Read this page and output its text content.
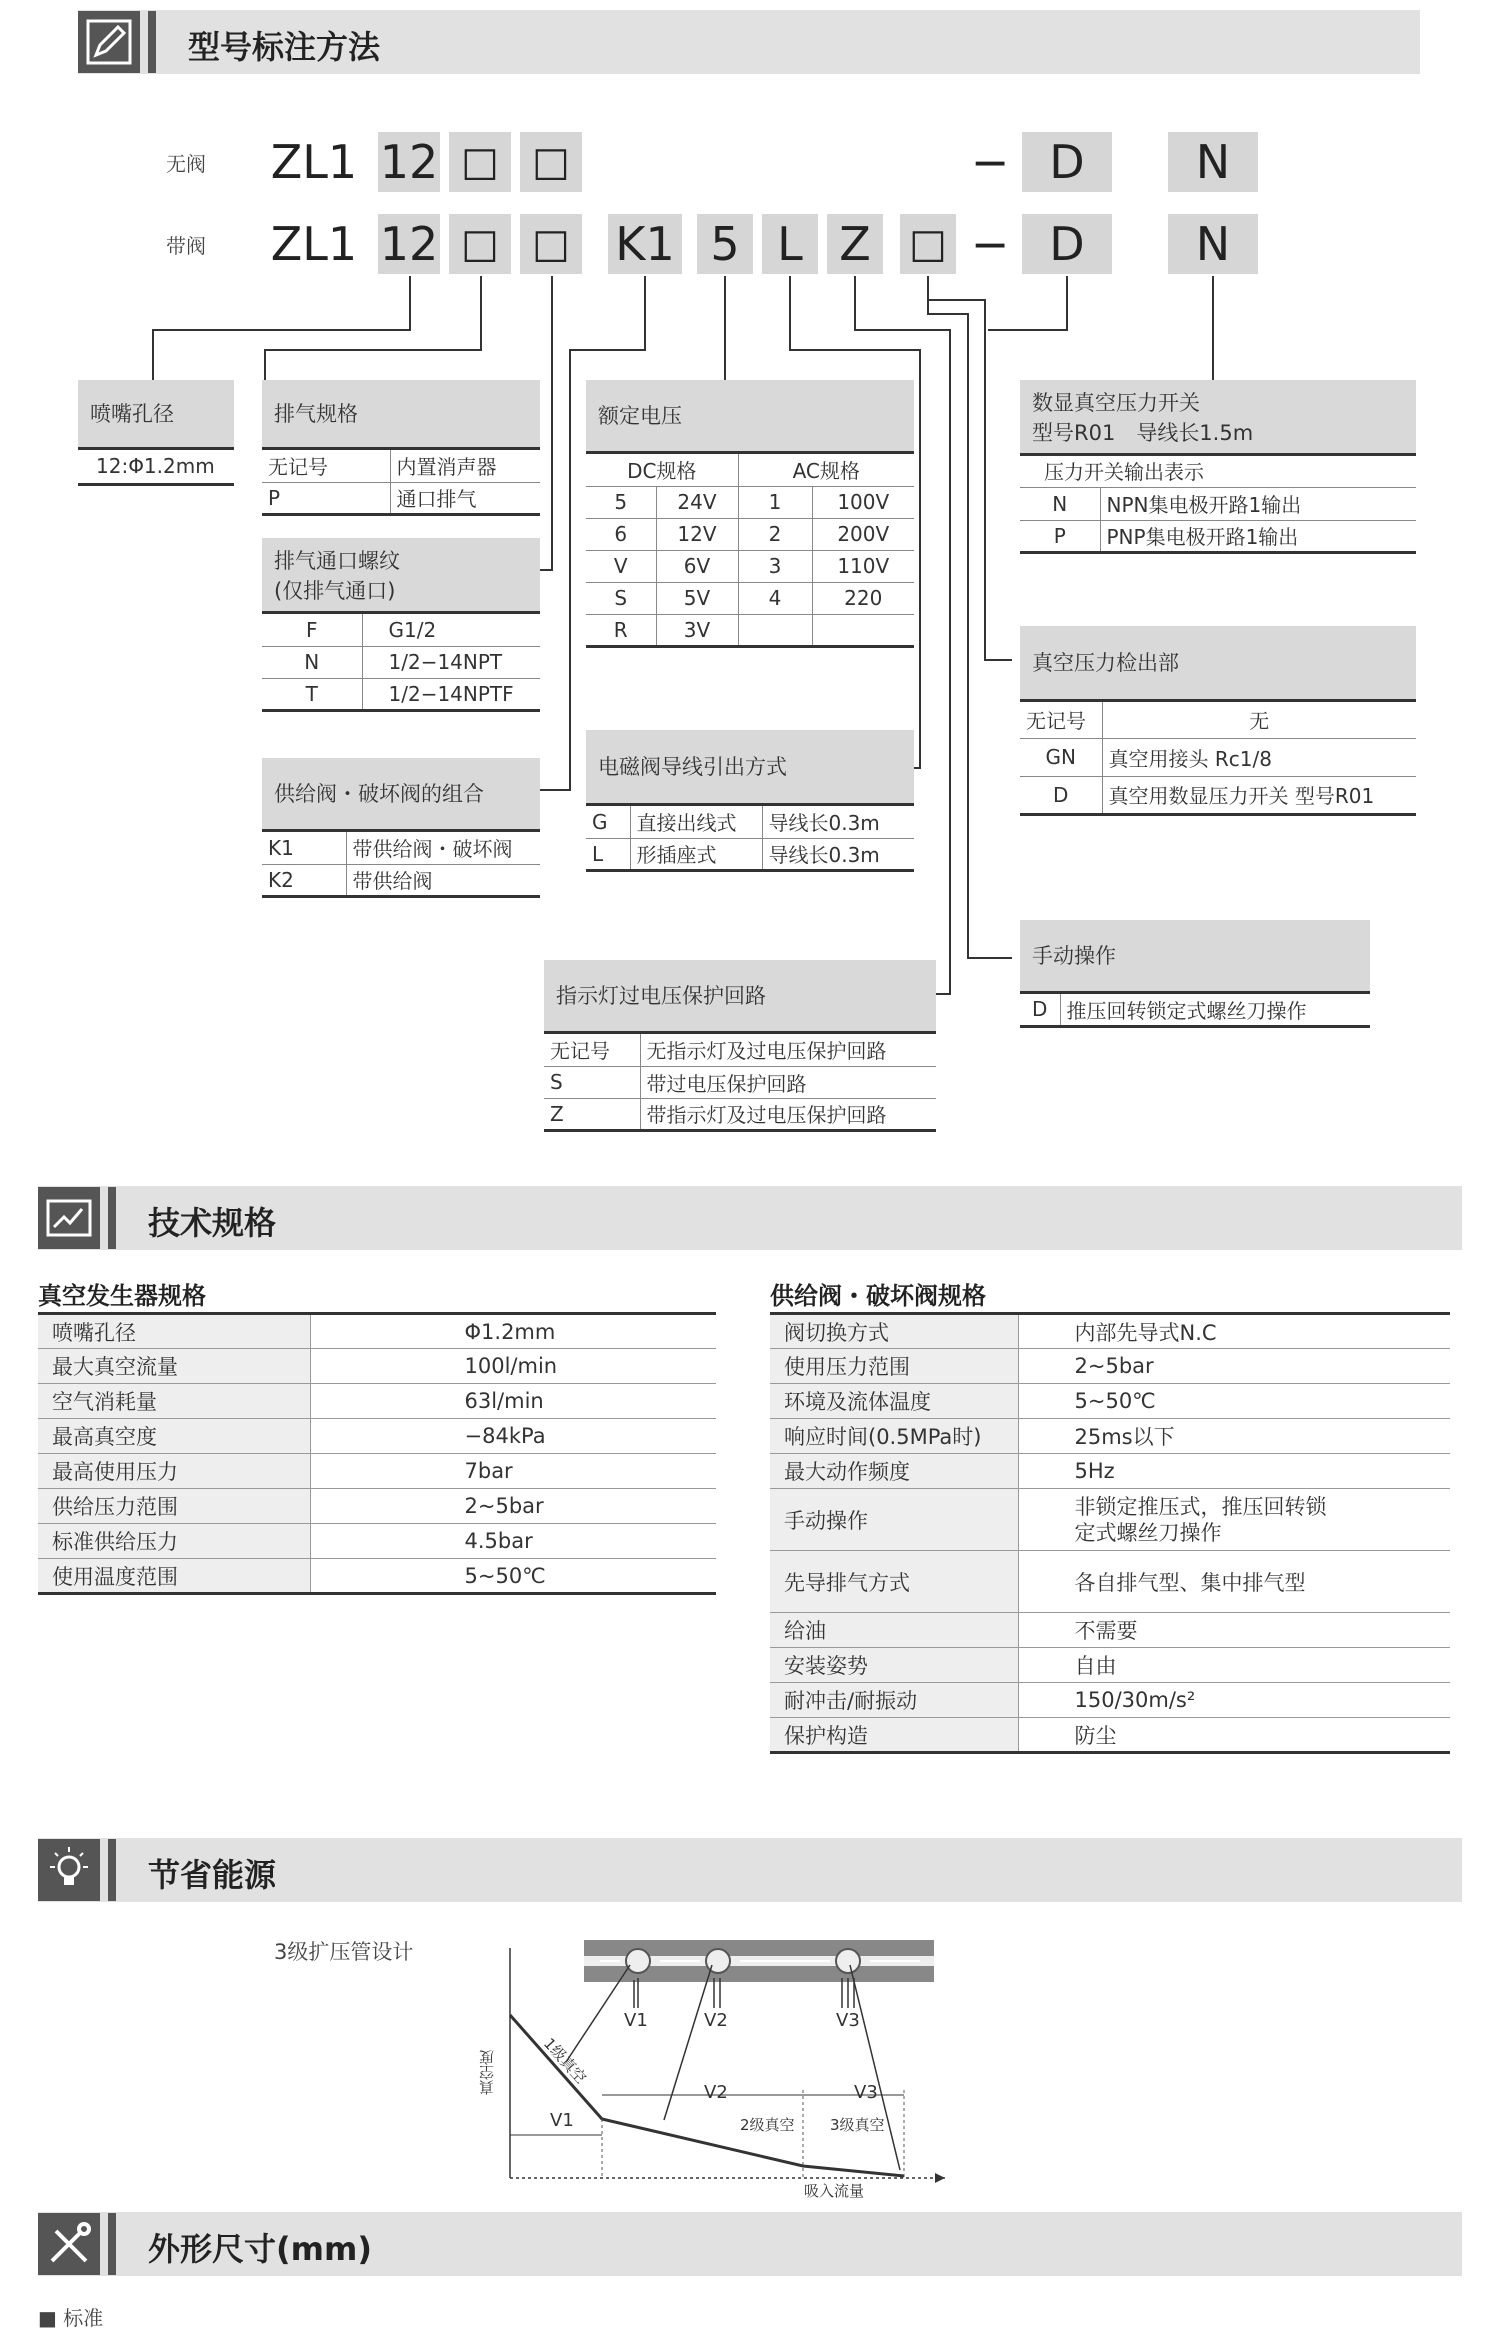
型号标注方法
无阀
带阀
ZL1 12 □ □	− D	N
ZL1 12 □ □ K1 5 L Z □ − D	N
喷嘴孔径
12:Φ1.2mm
排气规格
无记号	内置消声器
P	通口排气
排气通口螺纹
(仅排气通口)
F	G1/2
N	1/2−14NPT
T	1/2−14NPTF
供给阀・破坏阀的组合
K1	带供给阀・破坏阀
K2	带供给阀
额定电压
DC规格		AC规格	
5	24V	1	100V
6	12V	2	200V
V	6V	3	110V
S	5V	4	220
R	3V		
电磁阀导线引出方式
G	直接出线式	导线长0.3m
L	形插座式	导线长0.3m
指示灯过电压保护回路
无记号	无指示灯及过电压保护回路
S	带过电压保护回路
Z	带指示灯及过电压保护回路
数显真空压力开关
型号R01　导线长1.5m
压力开关输出表示
N	NPN集电极开路1输出
P	PNP集电极开路1输出
真空压力检出部
无记号	无
GN	真空用接头 Rc1/8
D	真空用数显压力开关 型号R01
手动操作
D	推压回转锁定式螺丝刀操作
技术规格
真空发生器规格
喷嘴孔径	Φ1.2mm
最大真空流量	100l/min
空气消耗量	63l/min
最高真空度	−84kPa
最高使用压力	7bar
供给压力范围	2~5bar
标准供给压力	4.5bar
使用温度范围	5~50℃
供给阀・破坏阀规格
阀切换方式	内部先导式N.C
使用压力范围	2~5bar
环境及流体温度	5~50℃
响应时间(0.5MPa时)	25ms以下
最大动作频度	5Hz
手动操作	非锁定推压式，推压回转锁
定式螺丝刀操作

先导排气方式	各自排气型、集中排气型
给油	不需要
安装姿势	自由
耐冲击/耐振动	150/30m/s²
保护构造	防尘
节省能源
3级扩压管设计
V1	V2	V3
V1
V2	V3
1级真空
2级真空 3级真空
真空度
吸入流量
外形尺寸(mm)
■ 标准
